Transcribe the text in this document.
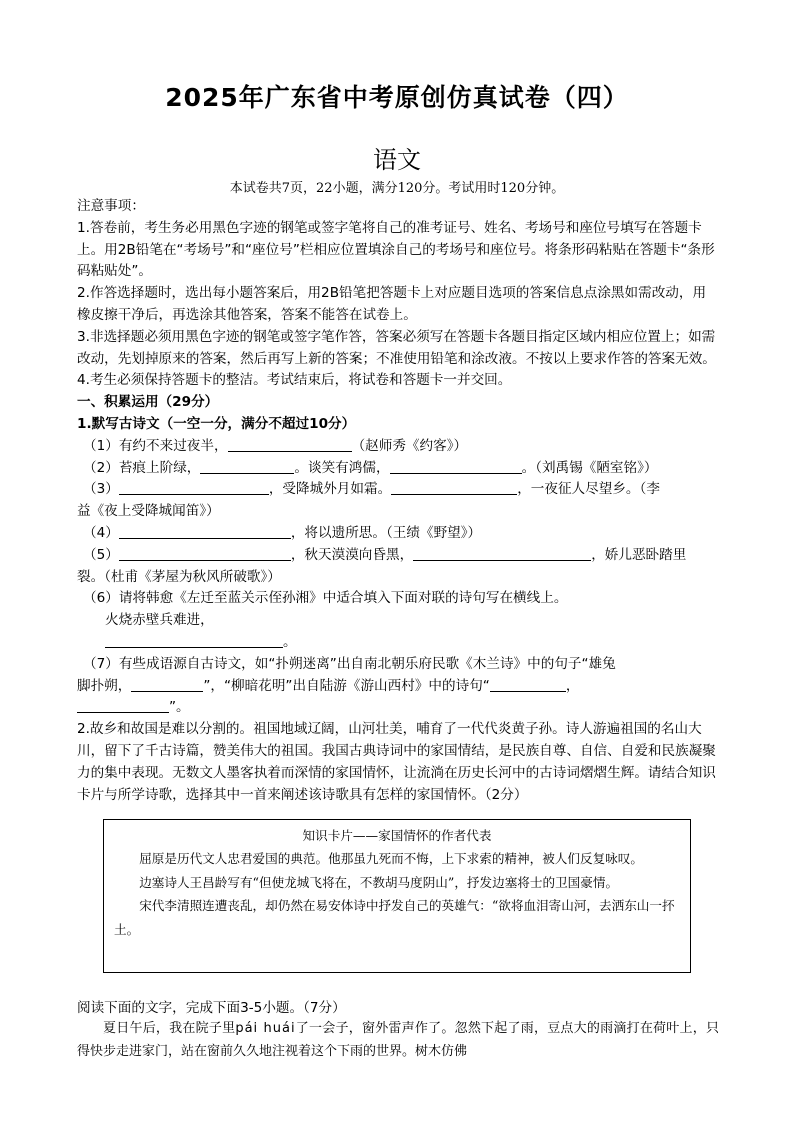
2025年广东省中考原创仿真试卷（四）
语文
本试卷共7页，22小题，满分120分。考试用时120分钟。

注意事项：

1.答卷前，考生务必用黑色字迹的钢笔或签字笔将自己的准考证号、姓名、考场号和座位号填写在答题卡上。用2B铅笔在“考场号”和“座位号”栏相应位置填涂自己的考场号和座位号。将条形码粘贴在答题卡“条形码粘贴处”。

2.作答选择题时，选出每小题答案后，用2B铅笔把答题卡上对应题目选项的答案信息点涂黑如需改动，用橡皮擦干净后，再选涂其他答案，答案不能答在试卷上。

3.非选择题必须用黑色字迹的钢笔或签字笔作答，答案必须写在答题卡各题目指定区域内相应位置上；如需改动，先划掉原来的答案，然后再写上新的答案；不准使用铅笔和涂改液。不按以上要求作答的答案无效。

4.考生必须保持答题卡的整洁。考试结束后，将试卷和答题卡一并交回。

一、积累运用（29分）

1.默写古诗文（一空一分，满分不超过10分）

（1）有约不来过夜半，	（赵师秀《约客》）

（2）苔痕上阶绿，	。谈笑有鸿儒，	。（刘禹锡《陋室铭》）

（3）	，受降城外月如霜。	，一夜征人尽望乡。（李

益《夜上受降城闻笛》）

（4）	，将以遗所思。（王绩《野望》）

（5）	，秋天漠漠向昏黑，	，娇儿恶卧踏里

裂。（杜甫《茅屋为秋风所破歌》）

（6）请将韩愈《左迁至蓝关示侄孙湘》中适合填入下面对联的诗句写在横线上。

火烧赤壁兵难进，

。

（7）有些成语源自古诗文，如“扑朔迷离”出自南北朝乐府民歌《木兰诗》中的句子“雄兔

脚扑朔，	”，“柳暗花明”出自陆游《游山西村》中的诗句“	，

”。

2.故乡和故国是难以分割的。祖国地域辽阔，山河壮美，哺育了一代代炎黄子孙。诗人游遍祖国的名山大川，留下了千古诗篇，赞美伟大的祖国。我国古典诗词中的家国情结，是民族自尊、自信、自爱和民族凝聚力的集中表现。无数文人墨客执着而深情的家国情怀，让流淌在历史长河中的古诗词熠熠生辉。请结合知识卡片与所学诗歌，选择其中一首来阐述该诗歌具有怎样的家国情怀。（2分）

知识卡片——家国情怀的作者代表

屈原是历代文人忠君爱国的典范。他那虽九死而不悔，上下求索的精神，被人们反复咏叹。

边塞诗人王昌龄写有“但使龙城飞将在，不教胡马度阴山”，抒发边塞将士的卫国豪情。

宋代李清照连遭丧乱，却仍然在易安体诗中抒发自己的英雄气：“欲将血泪寄山河，去洒东山一抔土。

阅读下面的文字，完成下面3-5小题。（7分）

夏日午后，我在院子里pái huái了一会子，窗外雷声作了。忽然下起了雨，豆点大的雨滴打在荷叶上，只得快步走进家门，站在窗前久久地注视着这个下雨的世界。树木仿佛
